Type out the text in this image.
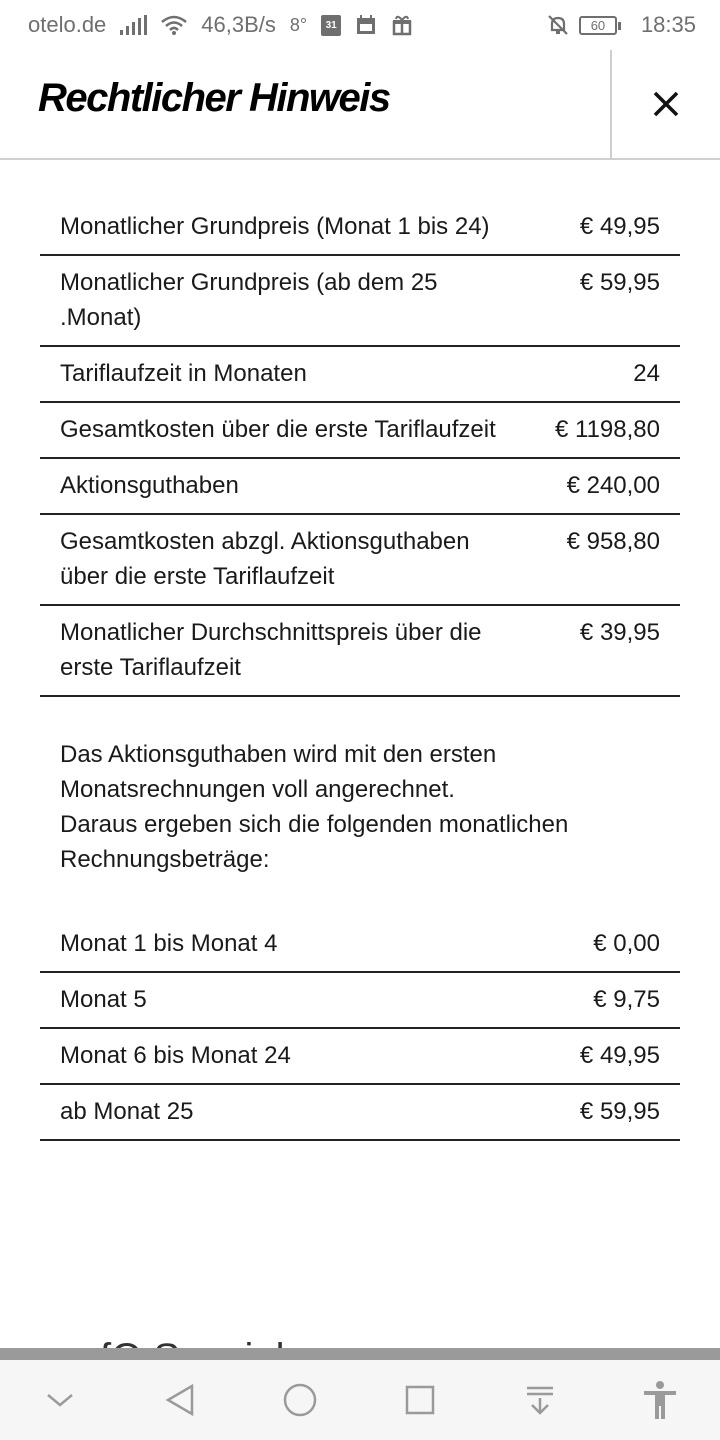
otelo.de	46,3B/s 8°	31	60	18:35
Rechtlicher Hinweis
Monatlicher Grundpreis (Monat 1 bis 24)	€ 49,95
Monatlicher Grundpreis (ab dem 25 .Monat)	€ 59,95
Tariflaufzeit in Monaten	24
Gesamtkosten über die erste Tariflaufzeit	€ 1198,80
Aktionsguthaben	€ 240,00
Gesamtkosten abzgl. Aktionsguthaben über die erste Tariflaufzeit	€ 958,80
Monatlicher Durchschnittspreis über die erste Tariflaufzeit	€ 39,95

Das Aktionsguthaben wird mit den ersten Monatsrechnungen voll angerechnet.

Daraus ergeben sich die folgenden monatlichen Rechnungsbeträge:

Monat 1 bis Monat 4	€ 0,00
Monat 5	€ 9,75
Monat 6 bis Monat 24	€ 49,95
ab Monat 25	€ 59,95
